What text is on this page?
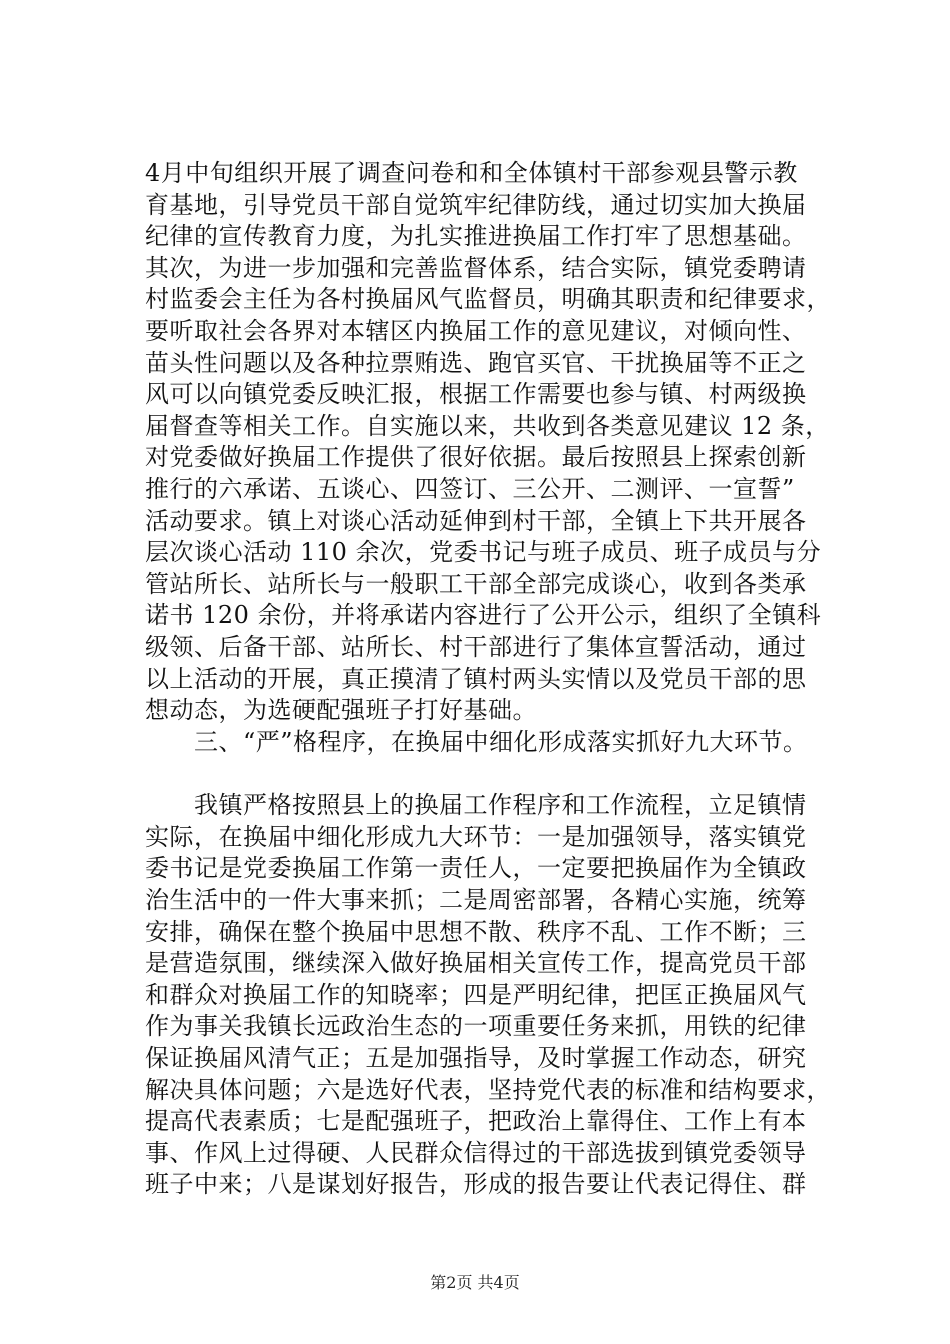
4月中旬组织开展了调查问卷和和全体镇村干部参观县警示教
育基地，引导党员干部自觉筑牢纪律防线，通过切实加大换届
纪律的宣传教育力度，为扎实推进换届工作打牢了思想基础。
其次，为进一步加强和完善监督体系，结合实际，镇党委聘请
村监委会主任为各村换届风气监督员，明确其职责和纪律要求，
要听取社会各界对本辖区内换届工作的意见建议，对倾向性、
苗头性问题以及各种拉票贿选、跑官买官、干扰换届等不正之
风可以向镇党委反映汇报，根据工作需要也参与镇、村两级换
届督查等相关工作。自实施以来，共收到各类意见建议 12 条，
对党委做好换届工作提供了很好依据。最后按照县上探索创新
推行的六承诺、五谈心、四签订、三公开、二测评、一宣誓”
活动要求。镇上对谈心活动延伸到村干部，全镇上下共开展各
层次谈心活动 110 余次，党委书记与班子成员、班子成员与分
管站所长、站所长与一般职工干部全部完成谈心，收到各类承
诺书 120 余份，并将承诺内容进行了公开公示，组织了全镇科
级领、后备干部、站所长、村干部进行了集体宣誓活动，通过
以上活动的开展，真正摸清了镇村两头实情以及党员干部的思
想动态，为选硬配强班子打好基础。
　　三、“严”格程序，在换届中细化形成落实抓好九大环节。
　　我镇严格按照县上的换届工作程序和工作流程，立足镇情
实际，在换届中细化形成九大环节：一是加强领导，落实镇党
委书记是党委换届工作第一责任人，一定要把换届作为全镇政
治生活中的一件大事来抓；二是周密部署，各精心实施，统筹
安排，确保在整个换届中思想不散、秩序不乱、工作不断；三
是营造氛围，继续深入做好换届相关宣传工作，提高党员干部
和群众对换届工作的知晓率；四是严明纪律，把匡正换届风气
作为事关我镇长远政治生态的一项重要任务来抓，用铁的纪律
保证换届风清气正；五是加强指导，及时掌握工作动态，研究
解决具体问题；六是选好代表，坚持党代表的标准和结构要求，
提高代表素质；七是配强班子，把政治上靠得住、工作上有本
事、作风上过得硬、人民群众信得过的干部选拔到镇党委领导
班子中来；八是谋划好报告，形成的报告要让代表记得住、群
第2页 共4页
